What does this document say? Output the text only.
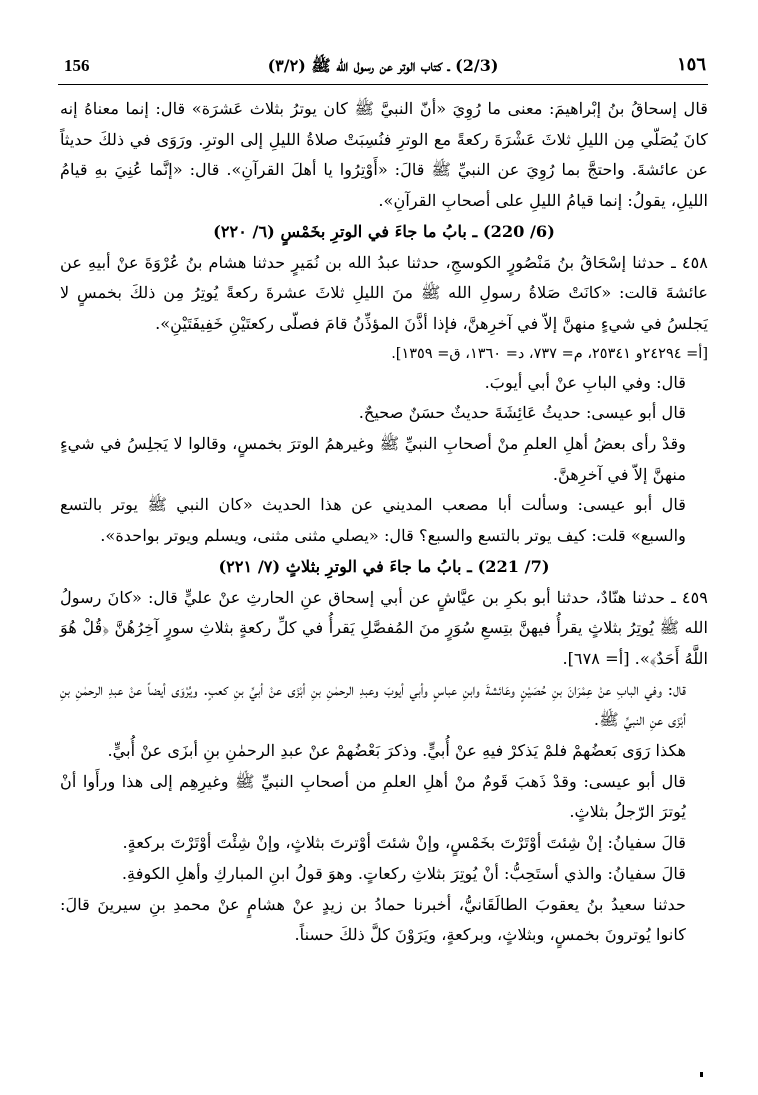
156	(2/3) ـ كتاب الوتر عن رسول الله ﷺ (٣/٢)	١٥٦

قال إسحاقُ بنُ إبْراهيمَ: معنى ما رُوِيَ «أنّ النبيَّ ﷺ كان يوترُ بثلاث عَشرَة» قال: إنما معناهُ إنه كانَ يُصَلّي مِن الليلِ ثلاثَ عَشْرَةَ ركعةً مع الوترِ فنُسِبَتْ صلاةُ الليلِ إلى الوترِ. ورَوَى في ذلكَ حديثاً عن عائشةَ. واحتجَّ بما رُوِيَ عن النبيِّ ﷺ قالَ: «أَوْتِرُوا يا أهلَ القرآنِ». قال: «إنَّما عُنِيَ بهِ قيامُ الليلِ، يقولُ: إنما قيامُ الليلِ على أصحابِ القرآنِ».

(6/ 220) ـ بابُ ما جاءَ في الوترِ بخَمْسٍ (٦/ ٢٢٠)

٤٥٨ ـ حدثنا إسْحَاقُ بنُ مَنْصُورٍ الكوسجِ، حدثنا عبدُ الله بن نُمَيرٍ حدثنا هشام بنُ عُرْوَةَ عنْ أبيهِ عن عائشةَ قالت: «كانَتْ صَلاةُ رسولِ الله ﷺ منَ الليلِ ثلاثَ عشرةَ ركعةً يُوتِرُ مِن ذلكَ بخمسٍ لا يَجلسُ في شيءٍ منهنَّ إلاّ في آخرِهنَّ، فإذا أذَّنَ المؤذِّنُ قامَ فصلّى ركعتَيْنِ خَفِيفَتَيْنِ».

[أ= ٢٤٢٩٤و ٢٥٣٤١، م= ٧٣٧، د= ١٣٦٠، ق= ١٣٥٩].

قال: وفي البابِ عنْ أبي أيوبَ.

قال أبو عيسى: حديثُ عَائِشَةَ حديثٌ حسَنٌ صحيحٌ.

وقدْ رأى بعضُ أهلِ العلمِ منْ أصحابِ النبيِّ ﷺ وغيرهمُ الوترَ بخمسٍ، وقالوا لا يَجلِسُ في شيءٍ منهنَّ إلاّ في آخرِهنَّ.

قال أبو عيسى: وسألت أبا مصعب المديني عن هذا الحديث «كان النبي ﷺ يوتر بالتسع والسبع» قلت: كيف يوتر بالتسع والسبع؟ قال: «يصلي مثنى مثنى، ويسلم ويوتر بواحدة».

(7/ 221) ـ بابُ ما جاءَ في الوترِ بثلاثٍ (٧/ ٢٢١)

٤٥٩ ـ حدثنا هنّادٌ، حدثنا أبو بكرِ بن عيَّاشٍ عن أبي إسحاق عنِ الحارثِ عنْ عليٍّ قال: «كانَ رسولُ الله ﷺ يُوتِرُ بثلاثٍ يقرأُ فيهنَّ بتِسعِ سُوَرٍ منَ المُفصَّلِ يَقرأُ في كلِّ ركعةٍ بثلاثِ سورٍ آخِرُهُنَّ ﴿قُلْ هُوَ اللَّهُ أَحَدٌ﴾». [أ= ٦٧٨].

قال: وفي البابِ عنْ عِمْرَانَ بنِ حُصَيْنٍ وعَائشةَ وابنِ عباسٍ وأبي أيوبَ وعبدِ الرحمٰنِ بنِ أبْزَى عنْ أبيِّ بنِ كعبٍ. ويُرْوَى أيضاً عنْ عبدِ الرحمٰنِ بنِ أبْزَى عنِ النبيِّ ﷺ.

هكذا رَوَى بَعضُهمْ فلمْ يَذكرْ فيهِ عنْ أُبيٍّ. وذكرَ بَعْضُهمْ عنْ عبدِ الرحمٰنِ بنِ أبزَى عنْ أُبيٍّ.

قال أبو عيسى: وقدْ ذَهبَ قَومٌ منْ أهلِ العلمِ من أصحابِ النبيِّ ﷺ وغيرِهِم إلى هذا ورأَوا أنْ يُوترَ الرّجلُ بثلاثٍ.

قالَ سفيانُ: إنْ شِئتَ أوْتَرْتَ بخَمْسٍ، وإنْ شئتَ أوْترتَ بثلاثٍ، وإنْ شِئْتَ أوْتَرْتَ بركعةٍ.

قالَ سفيانُ: والذي أستَحِبُّ: أنْ يُوتِرَ بثلاثِ ركعاتٍ. وهوَ قولُ ابنِ المباركِ وأهلِ الكوفةِ.

حدثنا سعيدُ بنُ يعقوبَ الطالَقَانيُّ، أخبرنا حمادُ بن زيدٍ عنْ هشامٍ عنْ محمدِ بنِ سيرينَ قالَ: كانوا يُوترونَ بخمسٍ، وبثلاثٍ، وبركعةٍ، ويَرَوْنَ كلَّ ذلكَ حسناً.
